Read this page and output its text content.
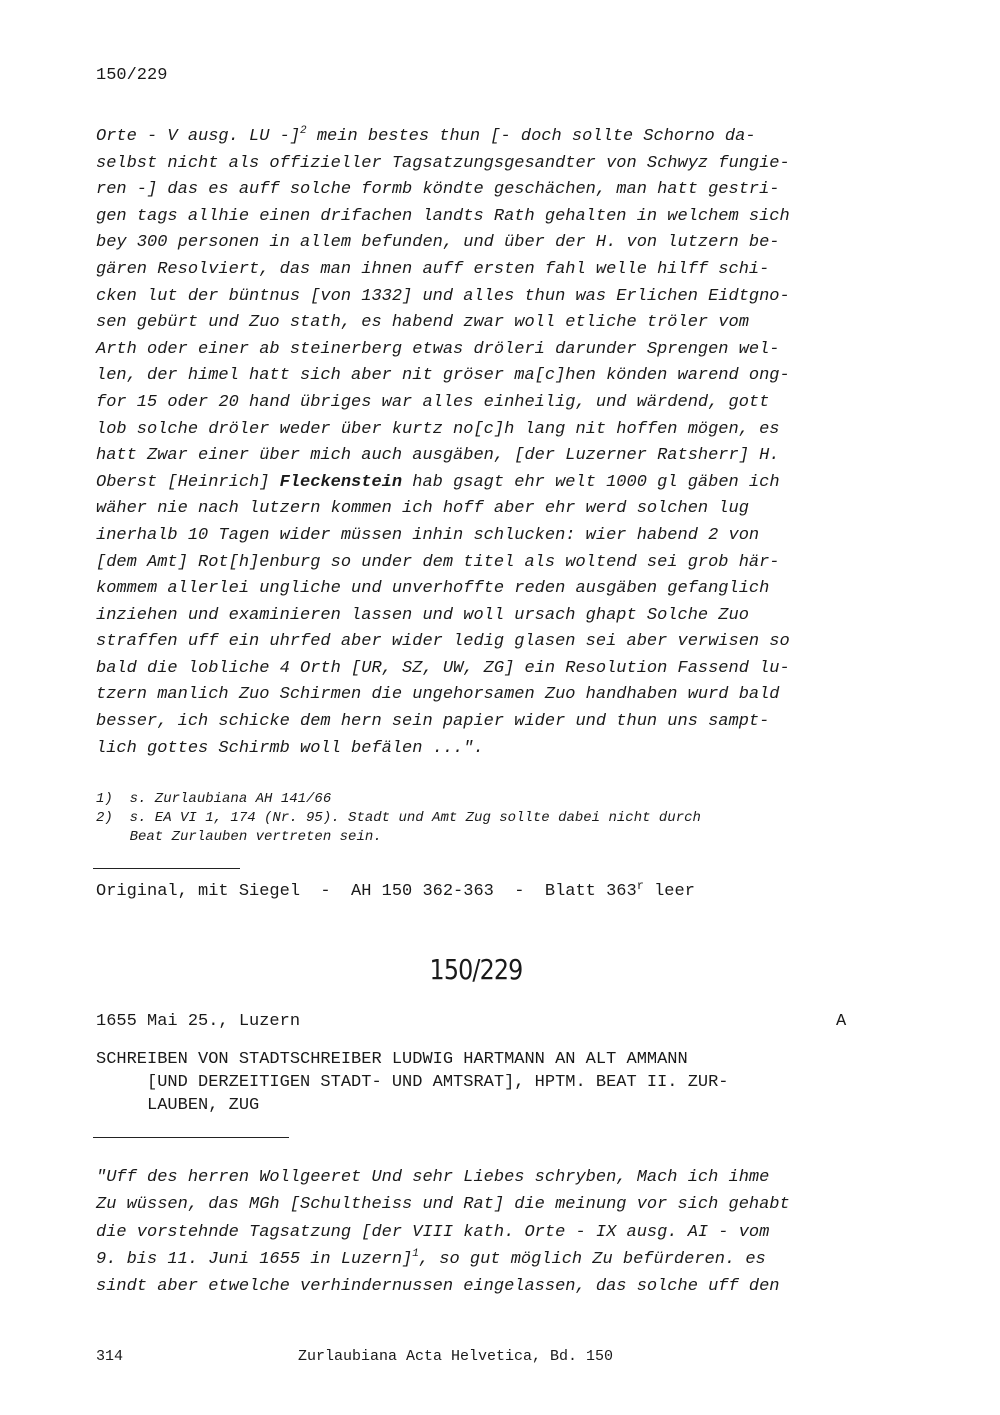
150/229
Orte - V ausg. LU -]$^2$ mein bestes thun [- doch sollte Schorno da-
selbst nicht als offizieller Tagsatzungsgesandter von Schwyz fungie-
ren -] das es auff solche formb köndte geschächen, man hatt gestri-
gen tags allhie einen drifachen landts Rath gehalten in welchem sich
bey 300 personen in allem befunden, und über der H. von lutzern be-
gären Resolviert, das man ihnen auff ersten fahl welle hilff schi-
cken lut der büntnus [von 1332] und alles thun was Erlichen Eidtgno-
sen gebürt und Zuo stath, es habend zwar woll etliche tröler vom
Arth oder einer ab steinerberg etwas dröleri darunder Sprengen wel-
len, der himel hatt sich aber nit gröser ma[c]hen könden warend ong-
for 15 oder 20 hand übriges war alles einheilig, und wärdend, gott
lob solche dröler weder über kurtz no[c]h lang nit hoffen mögen, es
hatt Zwar einer über mich auch ausgäben, [der Luzerner Ratsherr] H.
Oberst [Heinrich] Fleckenstein hab gsagt ehr welt 1000 gl gäben ich
wäher nie nach lutzern kommen ich hoff aber ehr werd solchen lug
inerhalb 10 Tagen wider müssen inhin schlucken: wier habend 2 von
[dem Amt] Rot[h]enburg so under dem titel als woltend sei grob här-
kommem allerlei ungliche und unverhoffte reden ausgäben gefanglich
inziehen und examinieren lassen und woll ursach ghapt Solche Zuo
straffen uff ein uhrfed aber wider ledig glasen sei aber verwisen so
bald die lobliche 4 Orth [UR, SZ, UW, ZG] ein Resolution Fassend lu-
tzern manlich Zuo Schirmen die ungehorsamen Zuo handhaben wurd bald
besser, ich schicke dem hern sein papier wider und thun uns sampt-
lich gottes Schirmb woll befälen ...".
1)  s. Zurlaubiana AH 141/66
2)  s. EA VI 1, 174 (Nr. 95). Stadt und Amt Zug sollte dabei nicht durch
Beat Zurlauben vertreten sein.
Original, mit Siegel  -  AH 150 362-363  -  Blatt 363$^r$ leer
150/229
1655 Mai 25., Luzern	A
SCHREIBEN VON STADTSCHREIBER LUDWIG HARTMANN AN ALT AMMANN
[UND DERZEITIGEN STADT- UND AMTSRAT], HPTM. BEAT II. ZUR-
LAUBEN, ZUG
"Uff des herren Wollgeeret Und sehr Liebes schryben, Mach ich ihme
Zu wüssen, das MGh [Schultheiss und Rat] die meinung vor sich gehabt
die vorstehnde Tagsatzung [der VIII kath. Orte - IX ausg. AI - vom
9. bis 11. Juni 1655 in Luzern]$^1$, so gut möglich Zu befürderen. es
sindt aber etwelche verhindernussen eingelassen, das solche uff den
314	Zurlaubiana Acta Helvetica, Bd. 150
